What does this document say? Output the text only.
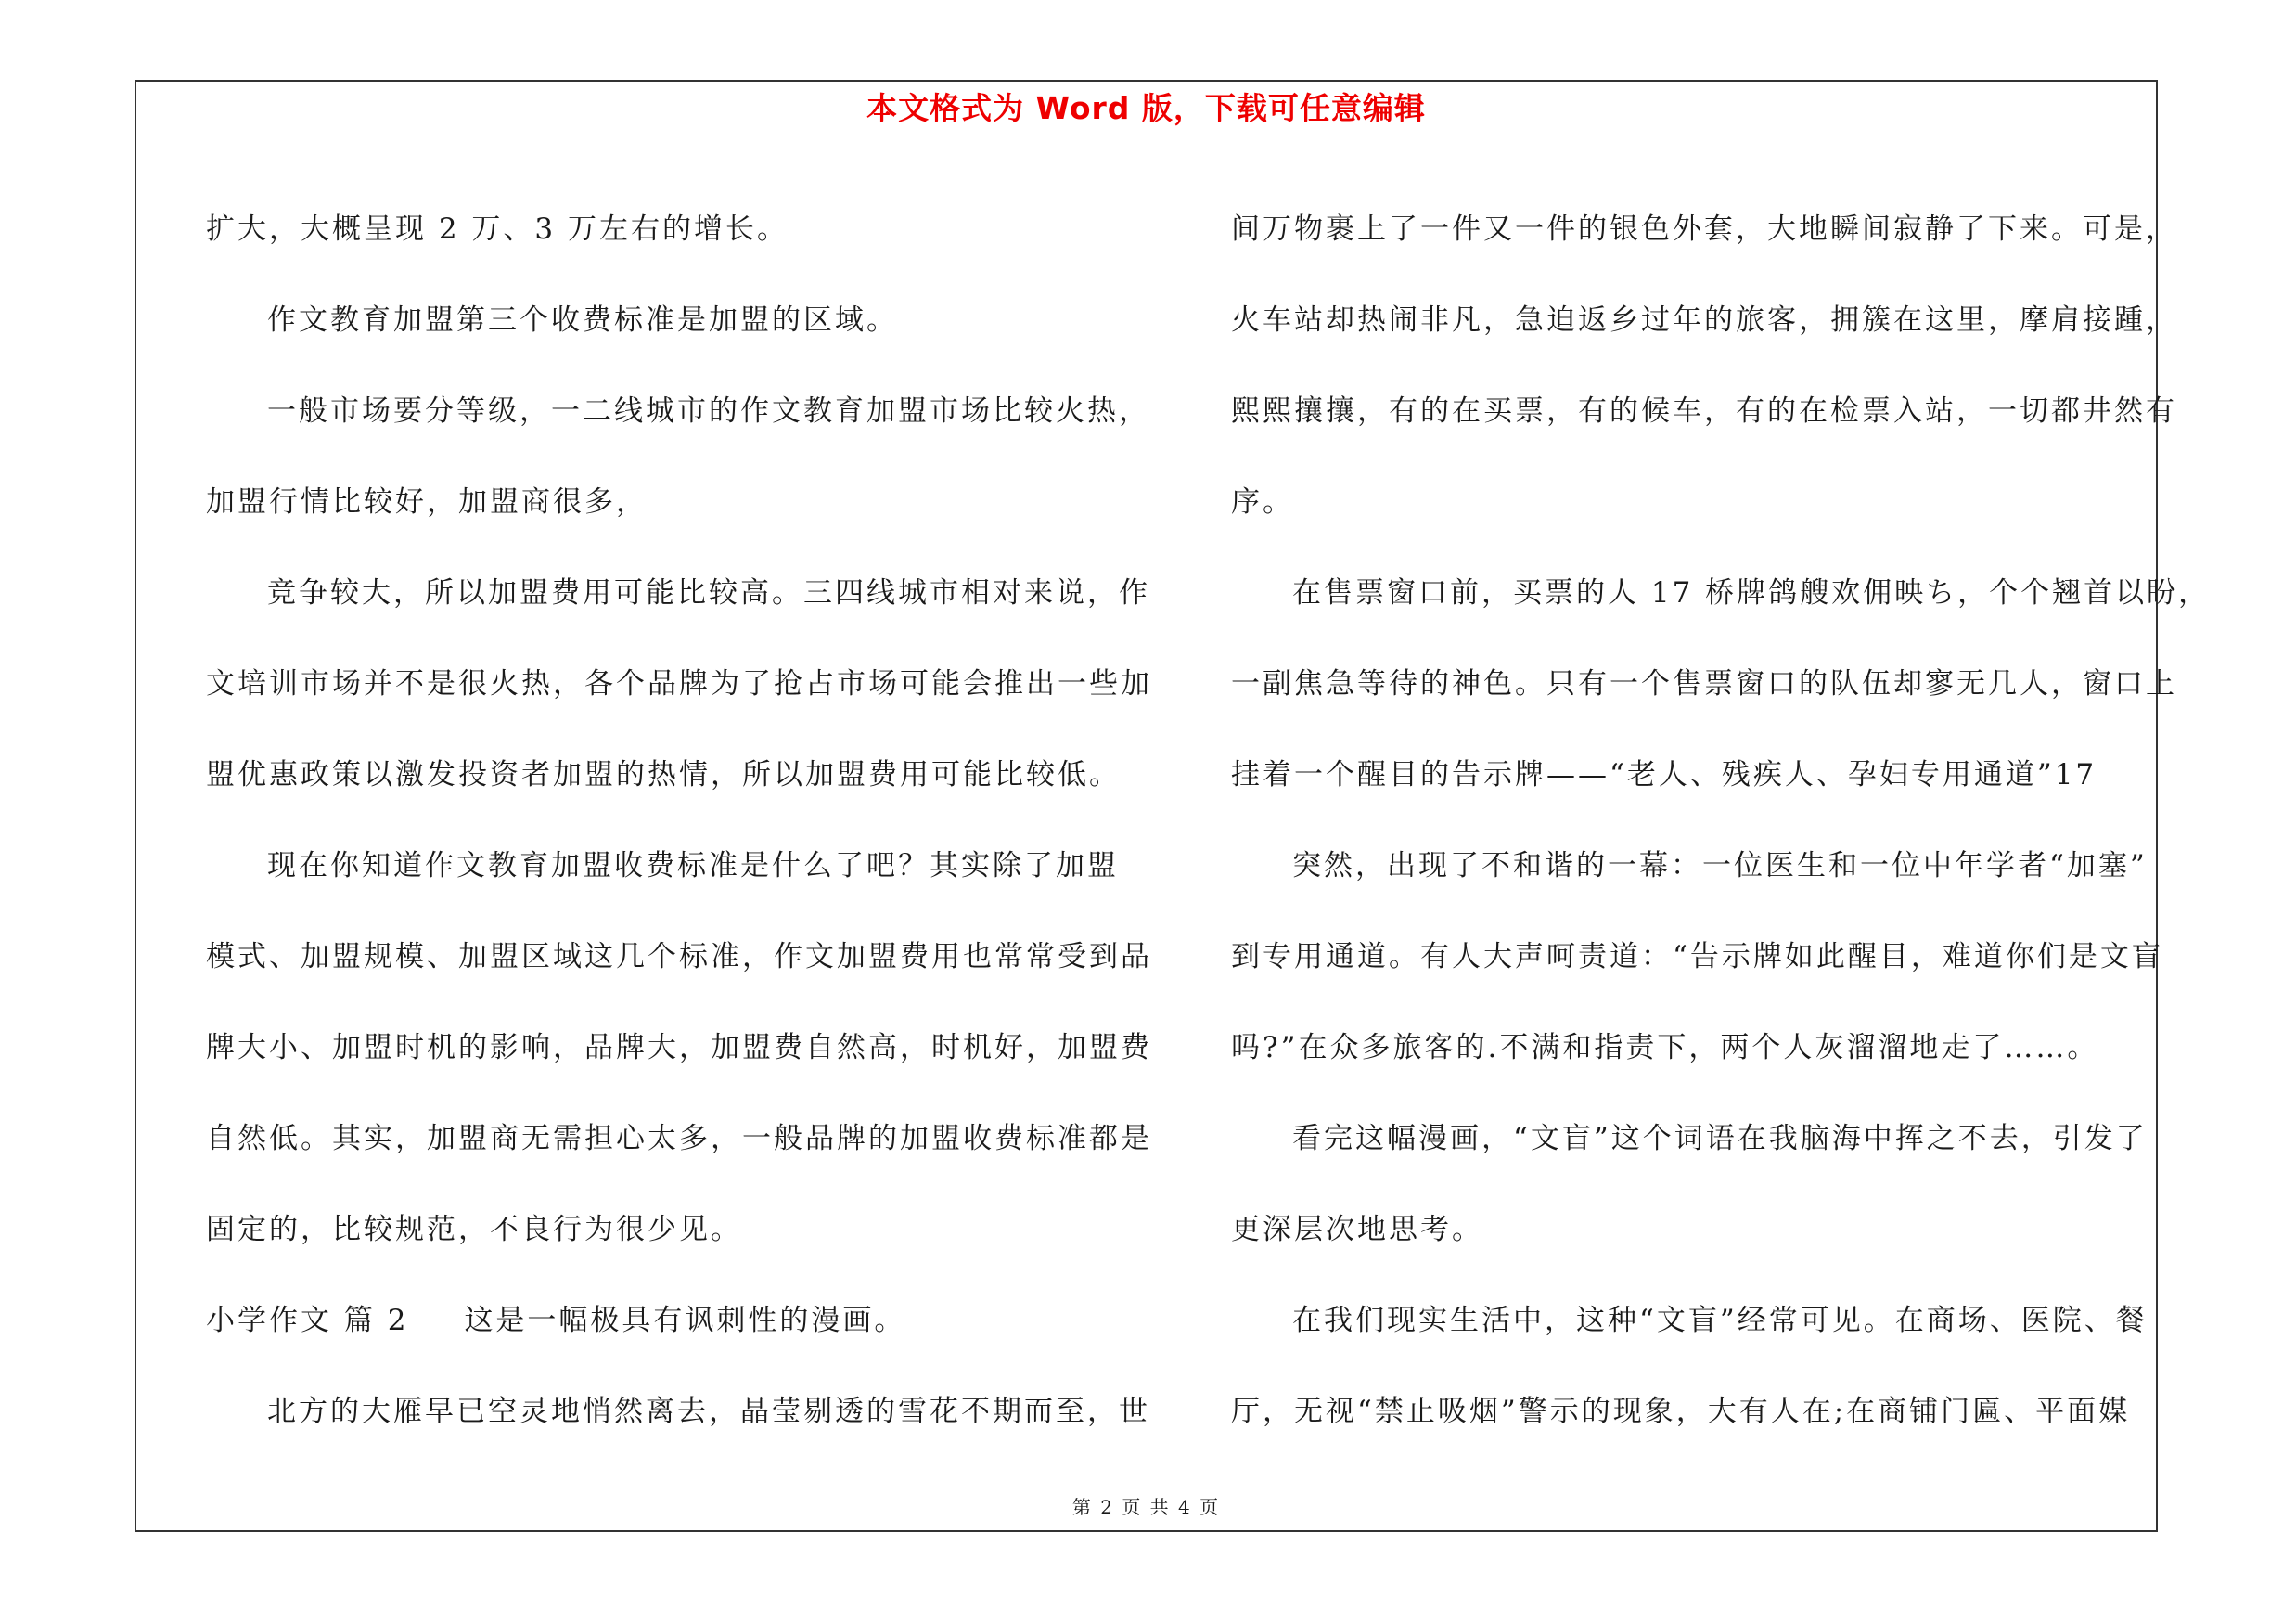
本文格式为 Word 版，下载可任意编辑
扩大，大概呈现 2 万、3 万左右的增长。
作文教育加盟第三个收费标准是加盟的区域。
一般市场要分等级，一二线城市的作文教育加盟市场比较火热，
加盟行情比较好，加盟商很多，
竞争较大，所以加盟费用可能比较高。三四线城市相对来说，作
文培训市场并不是很火热，各个品牌为了抢占市场可能会推出一些加
盟优惠政策以激发投资者加盟的热情，所以加盟费用可能比较低。
现在你知道作文教育加盟收费标准是什么了吧？其实除了加盟
模式、加盟规模、加盟区域这几个标准，作文加盟费用也常常受到品
牌大小、加盟时机的影响，品牌大，加盟费自然高，时机好，加盟费
自然低。其实，加盟商无需担心太多，一般品牌的加盟收费标准都是
固定的，比较规范，不良行为很少见。
小学作文 篇 2 这是一幅极具有讽刺性的漫画。
北方的大雁早已空灵地悄然离去，晶莹剔透的雪花不期而至，世
间万物裹上了一件又一件的银色外套，大地瞬间寂静了下来。可是，
火车站却热闹非凡，急迫返乡过年的旅客，拥簇在这里，摩肩接踵，
熙熙攘攘，有的在买票，有的候车，有的在检票入站，一切都井然有
序。
在售票窗口前，买票的人 17 桥牌鸽艘欢佣映ち，个个翘首以盼，
一副焦急等待的神色。只有一个售票窗口的队伍却寥无几人，窗口上
挂着一个醒目的告示牌——“老人、残疾人、孕妇专用通道”17
突然，出现了不和谐的一幕：一位医生和一位中年学者“加塞”
到专用通道。有人大声呵责道：“告示牌如此醒目，难道你们是文盲
吗?”在众多旅客的.不满和指责下，两个人灰溜溜地走了……。
看完这幅漫画，“文盲”这个词语在我脑海中挥之不去，引发了
更深层次地思考。
在我们现实生活中，这种“文盲”经常可见。在商场、医院、餐
厅，无视“禁止吸烟”警示的现象，大有人在;在商铺门匾、平面媒
第 2 页 共 4 页
